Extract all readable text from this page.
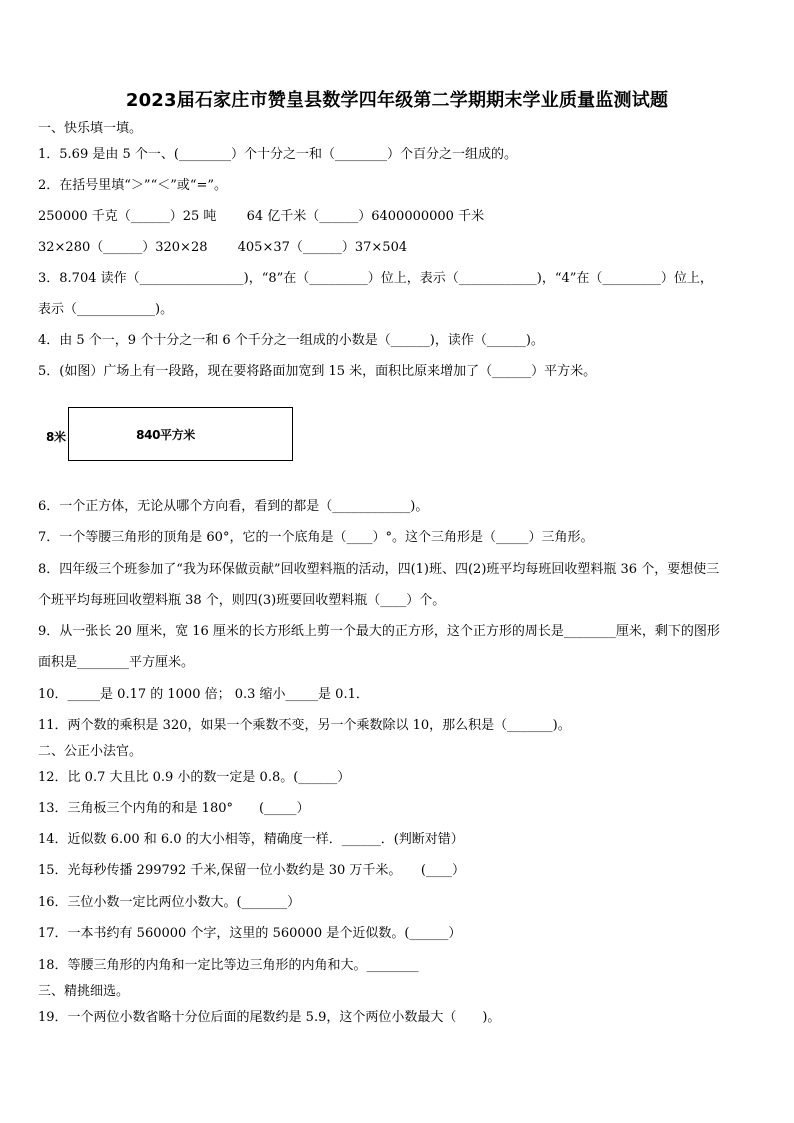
2023届石家庄市赞皇县数学四年级第二学期期末学业质量监测试题
一、快乐填一填。
1．5.69 是由 5 个一、(________）个十分之一和（________）个百分之一组成的。
2．在括号里填“＞”“＜”或“=”。
250000 千克（______）25 吨　　 64 亿千米（______）6400000000 千米
32×280（______）320×28　　 405×37（______）37×504
3．8.704 读作（________________)，“8”在（_________）位上，表示（____________)，“4”在（_________）位上，
表示（____________)。
4．由 5 个一，9 个十分之一和 6 个千分之一组成的小数是（______)，读作（______)。
5．(如图）广场上有一段路，现在要将路面加宽到 15 米，面积比原来增加了（______）平方米。
8米	840平方米
6．一个正方体，无论从哪个方向看，看到的都是（____________)。
7．一个等腰三角形的顶角是 60°，它的一个底角是（____）°。这个三角形是（_____）三角形。
8．四年级三个班参加了“我为环保做贡献”回收塑料瓶的活动，四(1)班、四(2)班平均每班回收塑料瓶 36 个，要想使三
个班平均每班回收塑料瓶 38 个，则四(3)班要回收塑料瓶（____）个。
9．从一张长 20 厘米，宽 16 厘米的长方形纸上剪一个最大的正方形，这个正方形的周长是________厘米，剩下的图形
面积是________平方厘米。
10．_____是 0.17 的 1000 倍； 0.3 缩小_____是 0.1．
11．两个数的乘积是 320，如果一个乘数不变，另一个乘数除以 10，那么积是（_______)。
二、公正小法官。
12．比 0.7 大且比 0.9 小的数一定是 0.8。(______）
13．三角板三个内角的和是 180°　　(_____）
14．近似数 6.00 和 6.0 的大小相等，精确度一样．______．(判断对错）
15．光每秒传播 299792 千米,保留一位小数约是 30 万千米。　　(____）
16．三位小数一定比两位小数大。(_______）
17．一本书约有 560000 个字，这里的 560000 是个近似数。(______）
18．等腰三角形的内角和一定比等边三角形的内角和大。________
三、精挑细选。
19．一个两位小数省略十分位后面的尾数约是 5.9，这个两位小数最大（　　)。
